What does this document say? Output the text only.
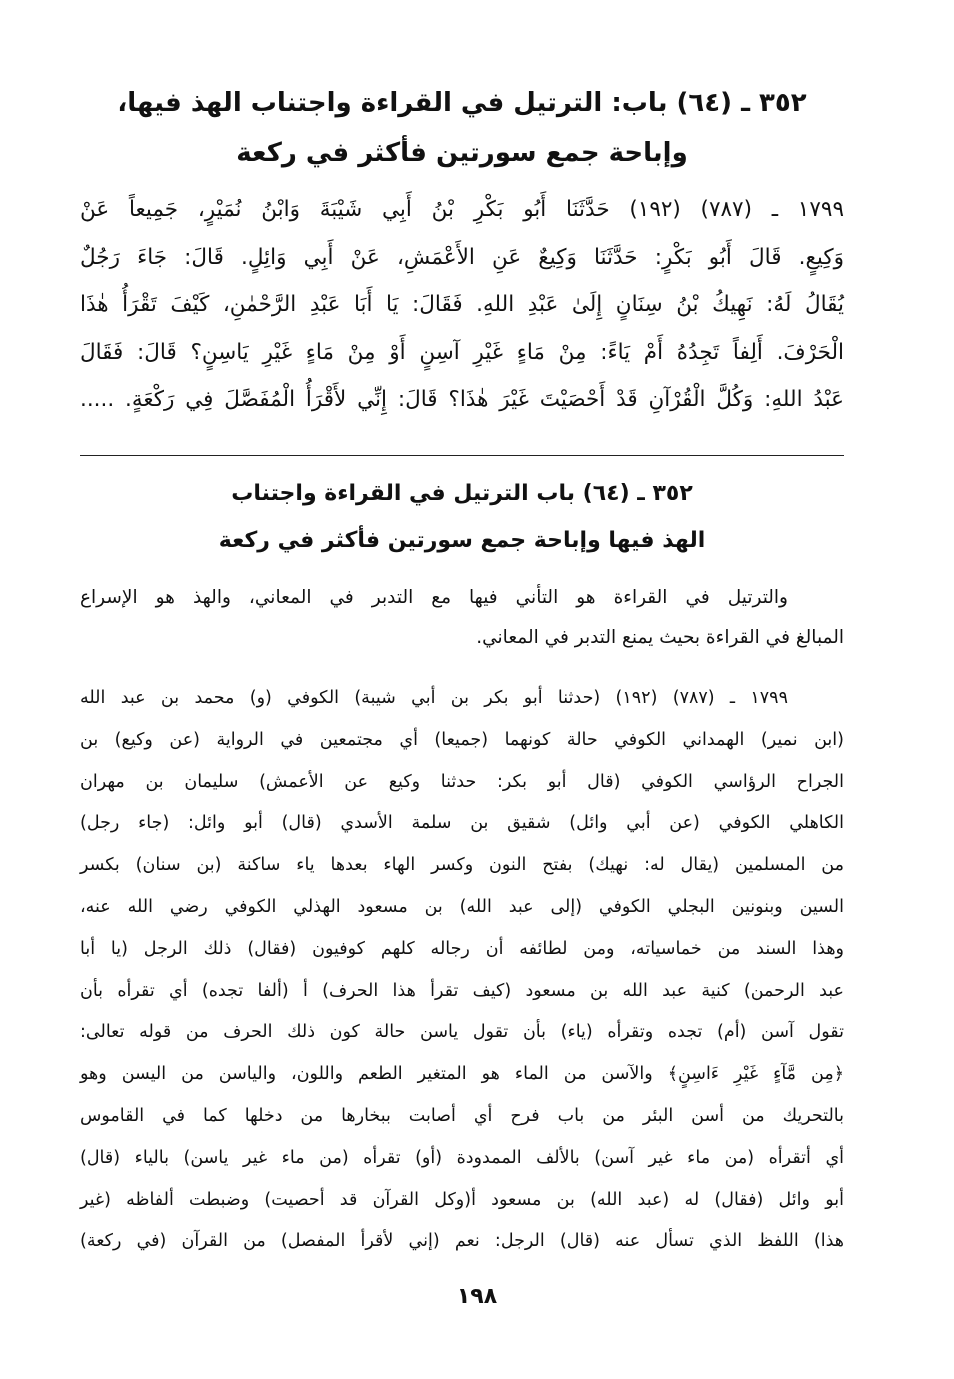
٣٥٢ ـ (٦٤) باب: الترتيل في القراءة واجتناب الهذ فيها،
وإباحة جمع سورتين فأكثر في ركعة
١٧٩٩ ـ (٧٨٧) (١٩٢) حَدَّثَنَا أَبُو بَكْرِ بْنُ أَبِي شَيْبَةَ وَابْنُ نُمَيْرٍ، جَمِيعاً عَنْ
وَكِيعٍ. قَالَ أَبُو بَكْرٍ: حَدَّثَنَا وَكِيعٌ عَنِ الأَعْمَشِ، عَنْ أَبِي وَائِلٍ. قَالَ: جَاءَ رَجُلٌ
يُقَالُ لَهُ: نَهِيكُ بْنُ سِنَانٍ إِلَىٰ عَبْدِ اللهِ. فَقَالَ: يَا أَبَا عَبْدِ الرَّحْمٰنِ، كَيْفَ تَقْرَأُ هٰذَا
الْحَرْفَ. أَلِفاً تَجِدُهُ أَمْ يَاءً: مِنْ مَاءٍ غَيْرِ آسِنٍ أَوْ مِنْ مَاءٍ غَيْرِ يَاسِنٍ؟ قَالَ: فَقَالَ
عَبْدُ اللهِ: وَكُلَّ الْقُرْآنِ قَدْ أَحْصَيْتَ غَيْرَ هٰذَا؟ قَالَ: إِنِّي لأَقْرَأُ الْمُفَصَّلَ فِي رَكْعَةٍ. .....
٣٥٢ ـ (٦٤) باب الترتيل في القراءة واجتناب
الهذ فيها وإباحة جمع سورتين فأكثر في ركعة
والترتيل في القراءة هو التأني فيها مع التدبر في المعاني، والهذ هو الإسراع
المبالغ في القراءة بحيث يمنع التدبر في المعاني.
١٧٩٩ ـ (٧٨٧) (١٩٢) (حدثنا أبو بكر بن أبي شيبة) الكوفي (و) محمد بن عبد الله
(ابن نمير) الهمداني الكوفي حالة كونهما (جميعا) أي مجتمعين في الرواية (عن وكيع) بن
الجراح الرؤاسي الكوفي (قال أبو بكر: حدثنا وكيع عن الأعمش) سليمان بن مهران
الكاهلي الكوفي (عن أبي وائل) شقيق بن سلمة الأسدي (قال) أبو وائل: (جاء رجل)
من المسلمين (يقال له: نهيك) بفتح النون وكسر الهاء بعدها ياء ساكنة (بن سنان) بكسر
السين وبنونين البجلي الكوفي (إلى عبد الله) بن مسعود الهذلي الكوفي رضي الله عنه،
وهذا السند من خماسياته، ومن لطائفه أن رجاله كلهم كوفيون (فقال) ذلك الرجل (يا أبا
عبد الرحمن) كنية عبد الله بن مسعود (كيف تقرأ هذا الحرف) أ (ألفا تجده) أي تقرأه بأن
تقول آسن (أم) تجده وتقرأه (ياء) بأن تقول ياسن حالة كون ذلك الحرف من قوله تعالى:
﴿مِن مَّآءٍ غَيْرِ ءَاسِنٍ﴾ والآسن من الماء هو المتغير الطعم واللون، والياسن من اليسن وهو
بالتحريك من أسن البئر من باب فرح أي أصابت ببخارها من دخلها كما في القاموس
أي أتقرأه (من ماء غير آسن) بالألف الممدودة (أو) تقرأه (من ماء غير ياسن) بالياء (قال)
أبو وائل (فقال) له (عبد الله) بن مسعود أ(وكل القرآن قد أحصيت) وضبطت ألفاظه (غير
هذا) اللفظ الذي تسأل عنه (قال) الرجل: نعم (إني لأقرأ المفصل) من القرآن (في ركعة)
١٩٨
